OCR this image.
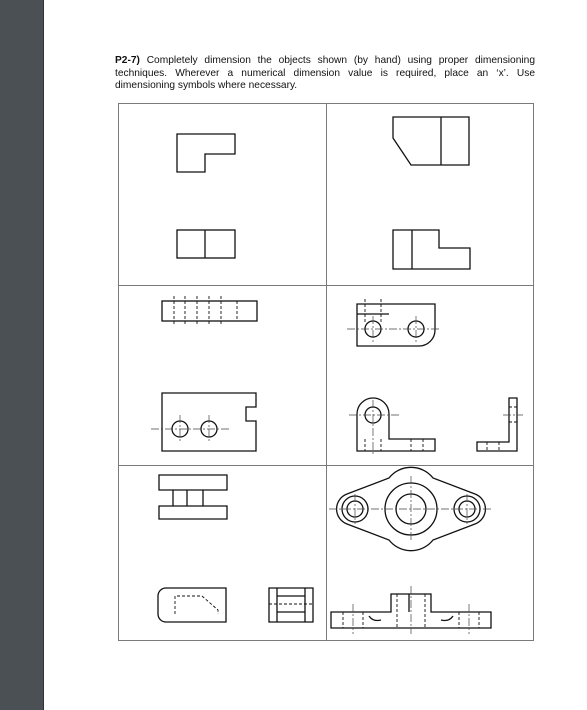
P2-7) Completely dimension the objects shown (by hand) using proper dimensioning techniques. Wherever a numerical dimension value is required, place an ‘x’. Use dimensioning symbols where necessary.
